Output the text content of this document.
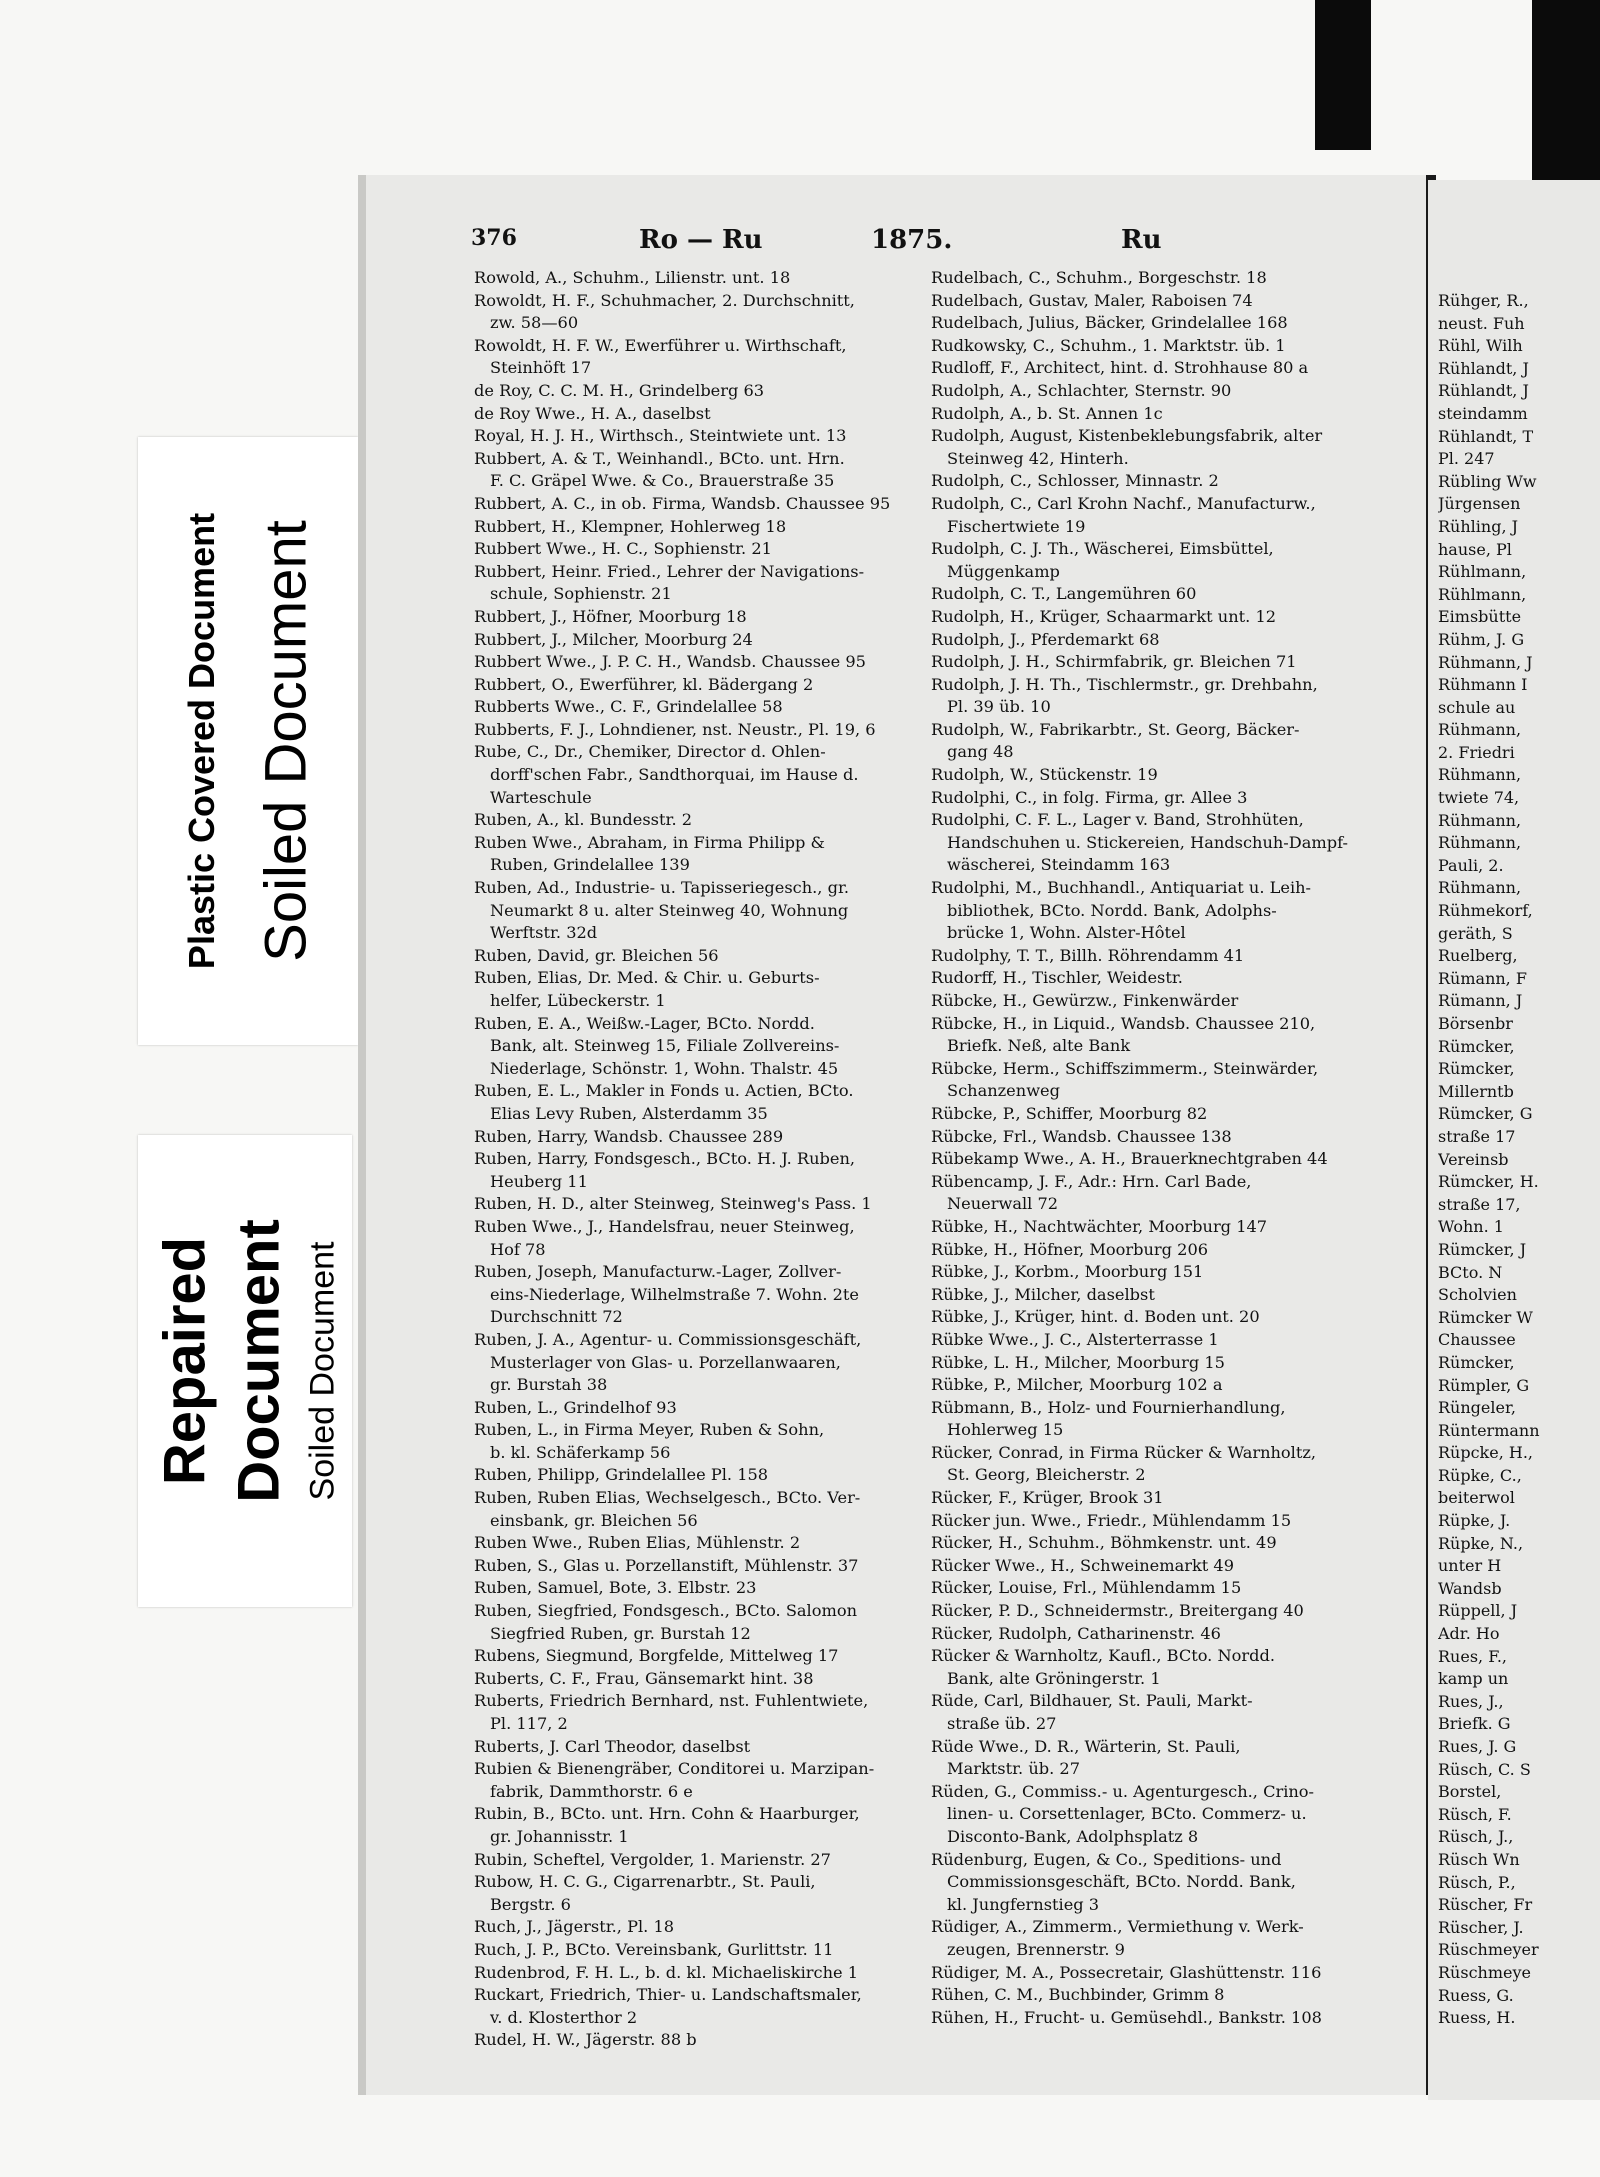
Plastic Covered Document Soiled Document
Repaired Document Soiled Document
376	Ro — Ru	1875.	Ru

Rowold, A., Schuhm., Lilienstr. unt. 18

Rowoldt, H. F., Schuhmacher, 2. Durchschnitt,

zw. 58—60

Rowoldt, H. F. W., Ewerführer u. Wirthschaft,

Steinhöft 17

de Roy, C. C. M. H., Grindelberg 63

de Roy Wwe., H. A., daselbst

Royal, H. J. H., Wirthsch., Steintwiete unt. 13

Rubbert, A. & T., Weinhandl., BCto. unt. Hrn.

F. C. Gräpel Wwe. & Co., Brauerstraße 35

Rubbert, A. C., in ob. Firma, Wandsb. Chaussee 95

Rubbert, H., Klempner, Hohlerweg 18

Rubbert Wwe., H. C., Sophienstr. 21

Rubbert, Heinr. Fried., Lehrer der Navigations-

schule, Sophienstr. 21

Rubbert, J., Höfner, Moorburg 18

Rubbert, J., Milcher, Moorburg 24

Rubbert Wwe., J. P. C. H., Wandsb. Chaussee 95

Rubbert, O., Ewerführer, kl. Bädergang 2

Rubberts Wwe., C. F., Grindelallee 58

Rubberts, F. J., Lohndiener, nst. Neustr., Pl. 19, 6

Rube, C., Dr., Chemiker, Director d. Ohlen-

dorff'schen Fabr., Sandthorquai, im Hause d.

Warteschule

Ruben, A., kl. Bundesstr. 2

Ruben Wwe., Abraham, in Firma Philipp &

Ruben, Grindelallee 139

Ruben, Ad., Industrie- u. Tapisseriegesch., gr.

Neumarkt 8 u. alter Steinweg 40, Wohnung

Werftstr. 32d

Ruben, David, gr. Bleichen 56

Ruben, Elias, Dr. Med. & Chir. u. Geburts-

helfer, Lübeckerstr. 1

Ruben, E. A., Weißw.-Lager, BCto. Nordd.

Bank, alt. Steinweg 15, Filiale Zollvereins-

Niederlage, Schönstr. 1, Wohn. Thalstr. 45

Ruben, E. L., Makler in Fonds u. Actien, BCto.

Elias Levy Ruben, Alsterdamm 35

Ruben, Harry, Wandsb. Chaussee 289

Ruben, Harry, Fondsgesch., BCto. H. J. Ruben,

Heuberg 11

Ruben, H. D., alter Steinweg, Steinweg's Pass. 1

Ruben Wwe., J., Handelsfrau, neuer Steinweg,

Hof 78

Ruben, Joseph, Manufacturw.-Lager, Zollver-

eins-Niederlage, Wilhelmstraße 7. Wohn. 2te

Durchschnitt 72

Ruben, J. A., Agentur- u. Commissionsgeschäft,

Musterlager von Glas- u. Porzellanwaaren,

gr. Burstah 38

Ruben, L., Grindelhof 93

Ruben, L., in Firma Meyer, Ruben & Sohn,

b. kl. Schäferkamp 56

Ruben, Philipp, Grindelallee Pl. 158

Ruben, Ruben Elias, Wechselgesch., BCto. Ver-

einsbank, gr. Bleichen 56

Ruben Wwe., Ruben Elias, Mühlenstr. 2

Ruben, S., Glas u. Porzellanstift, Mühlenstr. 37

Ruben, Samuel, Bote, 3. Elbstr. 23

Ruben, Siegfried, Fondsgesch., BCto. Salomon

Siegfried Ruben, gr. Burstah 12

Rubens, Siegmund, Borgfelde, Mittelweg 17

Ruberts, C. F., Frau, Gänsemarkt hint. 38

Ruberts, Friedrich Bernhard, nst. Fuhlentwiete,

Pl. 117, 2

Ruberts, J. Carl Theodor, daselbst

Rubien & Bienengräber, Conditorei u. Marzipan-

fabrik, Dammthorstr. 6 e

Rubin, B., BCto. unt. Hrn. Cohn & Haarburger,

gr. Johannisstr. 1

Rubin, Scheftel, Vergolder, 1. Marienstr. 27

Rubow, H. C. G., Cigarrenarbtr., St. Pauli,

Bergstr. 6

Ruch, J., Jägerstr., Pl. 18

Ruch, J. P., BCto. Vereinsbank, Gurlittstr. 11

Rudenbrod, F. H. L., b. d. kl. Michaeliskirche 1

Ruckart, Friedrich, Thier- u. Landschaftsmaler,

v. d. Klosterthor 2

Rudel, H. W., Jägerstr. 88 b

Rudelbach, C., Schuhm., Borgeschstr. 18

Rudelbach, Gustav, Maler, Raboisen 74

Rudelbach, Julius, Bäcker, Grindelallee 168

Rudkowsky, C., Schuhm., 1. Marktstr. üb. 1

Rudloff, F., Architect, hint. d. Strohhause 80 a

Rudolph, A., Schlachter, Sternstr. 90

Rudolph, A., b. St. Annen 1c

Rudolph, August, Kistenbeklebungsfabrik, alter

Steinweg 42, Hinterh.

Rudolph, C., Schlosser, Minnastr. 2

Rudolph, C., Carl Krohn Nachf., Manufacturw.,

Fischertwiete 19

Rudolph, C. J. Th., Wäscherei, Eimsbüttel,

Müggenkamp

Rudolph, C. T., Langemühren 60

Rudolph, H., Krüger, Schaarmarkt unt. 12

Rudolph, J., Pferdemarkt 68

Rudolph, J. H., Schirmfabrik, gr. Bleichen 71

Rudolph, J. H. Th., Tischlermstr., gr. Drehbahn,

Pl. 39 üb. 10

Rudolph, W., Fabrikarbtr., St. Georg, Bäcker-

gang 48

Rudolph, W., Stückenstr. 19

Rudolphi, C., in folg. Firma, gr. Allee 3

Rudolphi, C. F. L., Lager v. Band, Strohhüten,

Handschuhen u. Stickereien, Handschuh-Dampf-

wäscherei, Steindamm 163

Rudolphi, M., Buchhandl., Antiquariat u. Leih-

bibliothek, BCto. Nordd. Bank, Adolphs-

brücke 1, Wohn. Alster-Hôtel

Rudolphy, T. T., Billh. Röhrendamm 41

Rudorff, H., Tischler, Weidestr.

Rübcke, H., Gewürzw., Finkenwärder

Rübcke, H., in Liquid., Wandsb. Chaussee 210,

Briefk. Neß, alte Bank

Rübcke, Herm., Schiffszimmerm., Steinwärder,

Schanzenweg

Rübcke, P., Schiffer, Moorburg 82

Rübcke, Frl., Wandsb. Chaussee 138

Rübekamp Wwe., A. H., Brauerknechtgraben 44

Rübencamp, J. F., Adr.: Hrn. Carl Bade,

Neuerwall 72

Rübke, H., Nachtwächter, Moorburg 147

Rübke, H., Höfner, Moorburg 206

Rübke, J., Korbm., Moorburg 151

Rübke, J., Milcher, daselbst

Rübke, J., Krüger, hint. d. Boden unt. 20

Rübke Wwe., J. C., Alsterterrasse 1

Rübke, L. H., Milcher, Moorburg 15

Rübke, P., Milcher, Moorburg 102 a

Rübmann, B., Holz- und Fournierhandlung,

Hohlerweg 15

Rücker, Conrad, in Firma Rücker & Warnholtz,

St. Georg, Bleicherstr. 2

Rücker, F., Krüger, Brook 31

Rücker jun. Wwe., Friedr., Mühlendamm 15

Rücker, H., Schuhm., Böhmkenstr. unt. 49

Rücker Wwe., H., Schweinemarkt 49

Rücker, Louise, Frl., Mühlendamm 15

Rücker, P. D., Schneidermstr., Breitergang 40

Rücker, Rudolph, Catharinenstr. 46

Rücker & Warnholtz, Kaufl., BCto. Nordd.

Bank, alte Gröningerstr. 1

Rüde, Carl, Bildhauer, St. Pauli, Markt-

straße üb. 27

Rüde Wwe., D. R., Wärterin, St. Pauli,

Marktstr. üb. 27

Rüden, G., Commiss.- u. Agenturgesch., Crino-

linen- u. Corsettenlager, BCto. Commerz- u.

Disconto-Bank, Adolphsplatz 8

Rüdenburg, Eugen, & Co., Speditions- und

Commissionsgeschäft, BCto. Nordd. Bank,

kl. Jungfernstieg 3

Rüdiger, A., Zimmerm., Vermiethung v. Werk-

zeugen, Brennerstr. 9

Rüdiger, M. A., Possecretair, Glashüttenstr. 116

Rühen, C. M., Buchbinder, Grimm 8

Rühen, H., Frucht- u. Gemüsehdl., Bankstr. 108

Rühger, R.,

neust. Fuh

Rühl, Wilh

Rühlandt, J

Rühlandt, J

steindamm

Rühlandt, T

Pl. 247

Rübling Ww

Jürgensen

Rühling, J

hause, Pl

Rühlmann,

Rühlmann,

Eimsbütte

Rühm, J. G

Rühmann, J

Rühmann I

schule au

Rühmann,

2. Friedri

Rühmann,

twiete 74,

Rühmann,

Rühmann,

Pauli, 2.

Rühmann,

Rühmekorf,

geräth, S

Ruelberg,

Rümann, F

Rümann, J

Börsenbr

Rümcker,

Rümcker,

Millerntb

Rümcker, G

straße 17

Vereinsb

Rümcker, H.

straße 17,

Wohn. 1

Rümcker, J

BCto. N

Scholvien

Rümcker W

Chaussee

Rümcker,

Rümpler, G

Rüngeler,

Rüntermann

Rüpcke, H.,

Rüpke, C.,

beiterwol

Rüpke, J.

Rüpke, N.,

unter H

Wandsb

Rüppell, J

Adr. Ho

Rues, F.,

kamp un

Rues, J.,

Briefk. G

Rues, J. G

Rüsch, C. S

Borstel,

Rüsch, F.

Rüsch, J.,

Rüsch Wn

Rüsch, P.,

Rüscher, Fr

Rüscher, J.

Rüschmeyer

Rüschmeye

Ruess, G.

Ruess, H.
